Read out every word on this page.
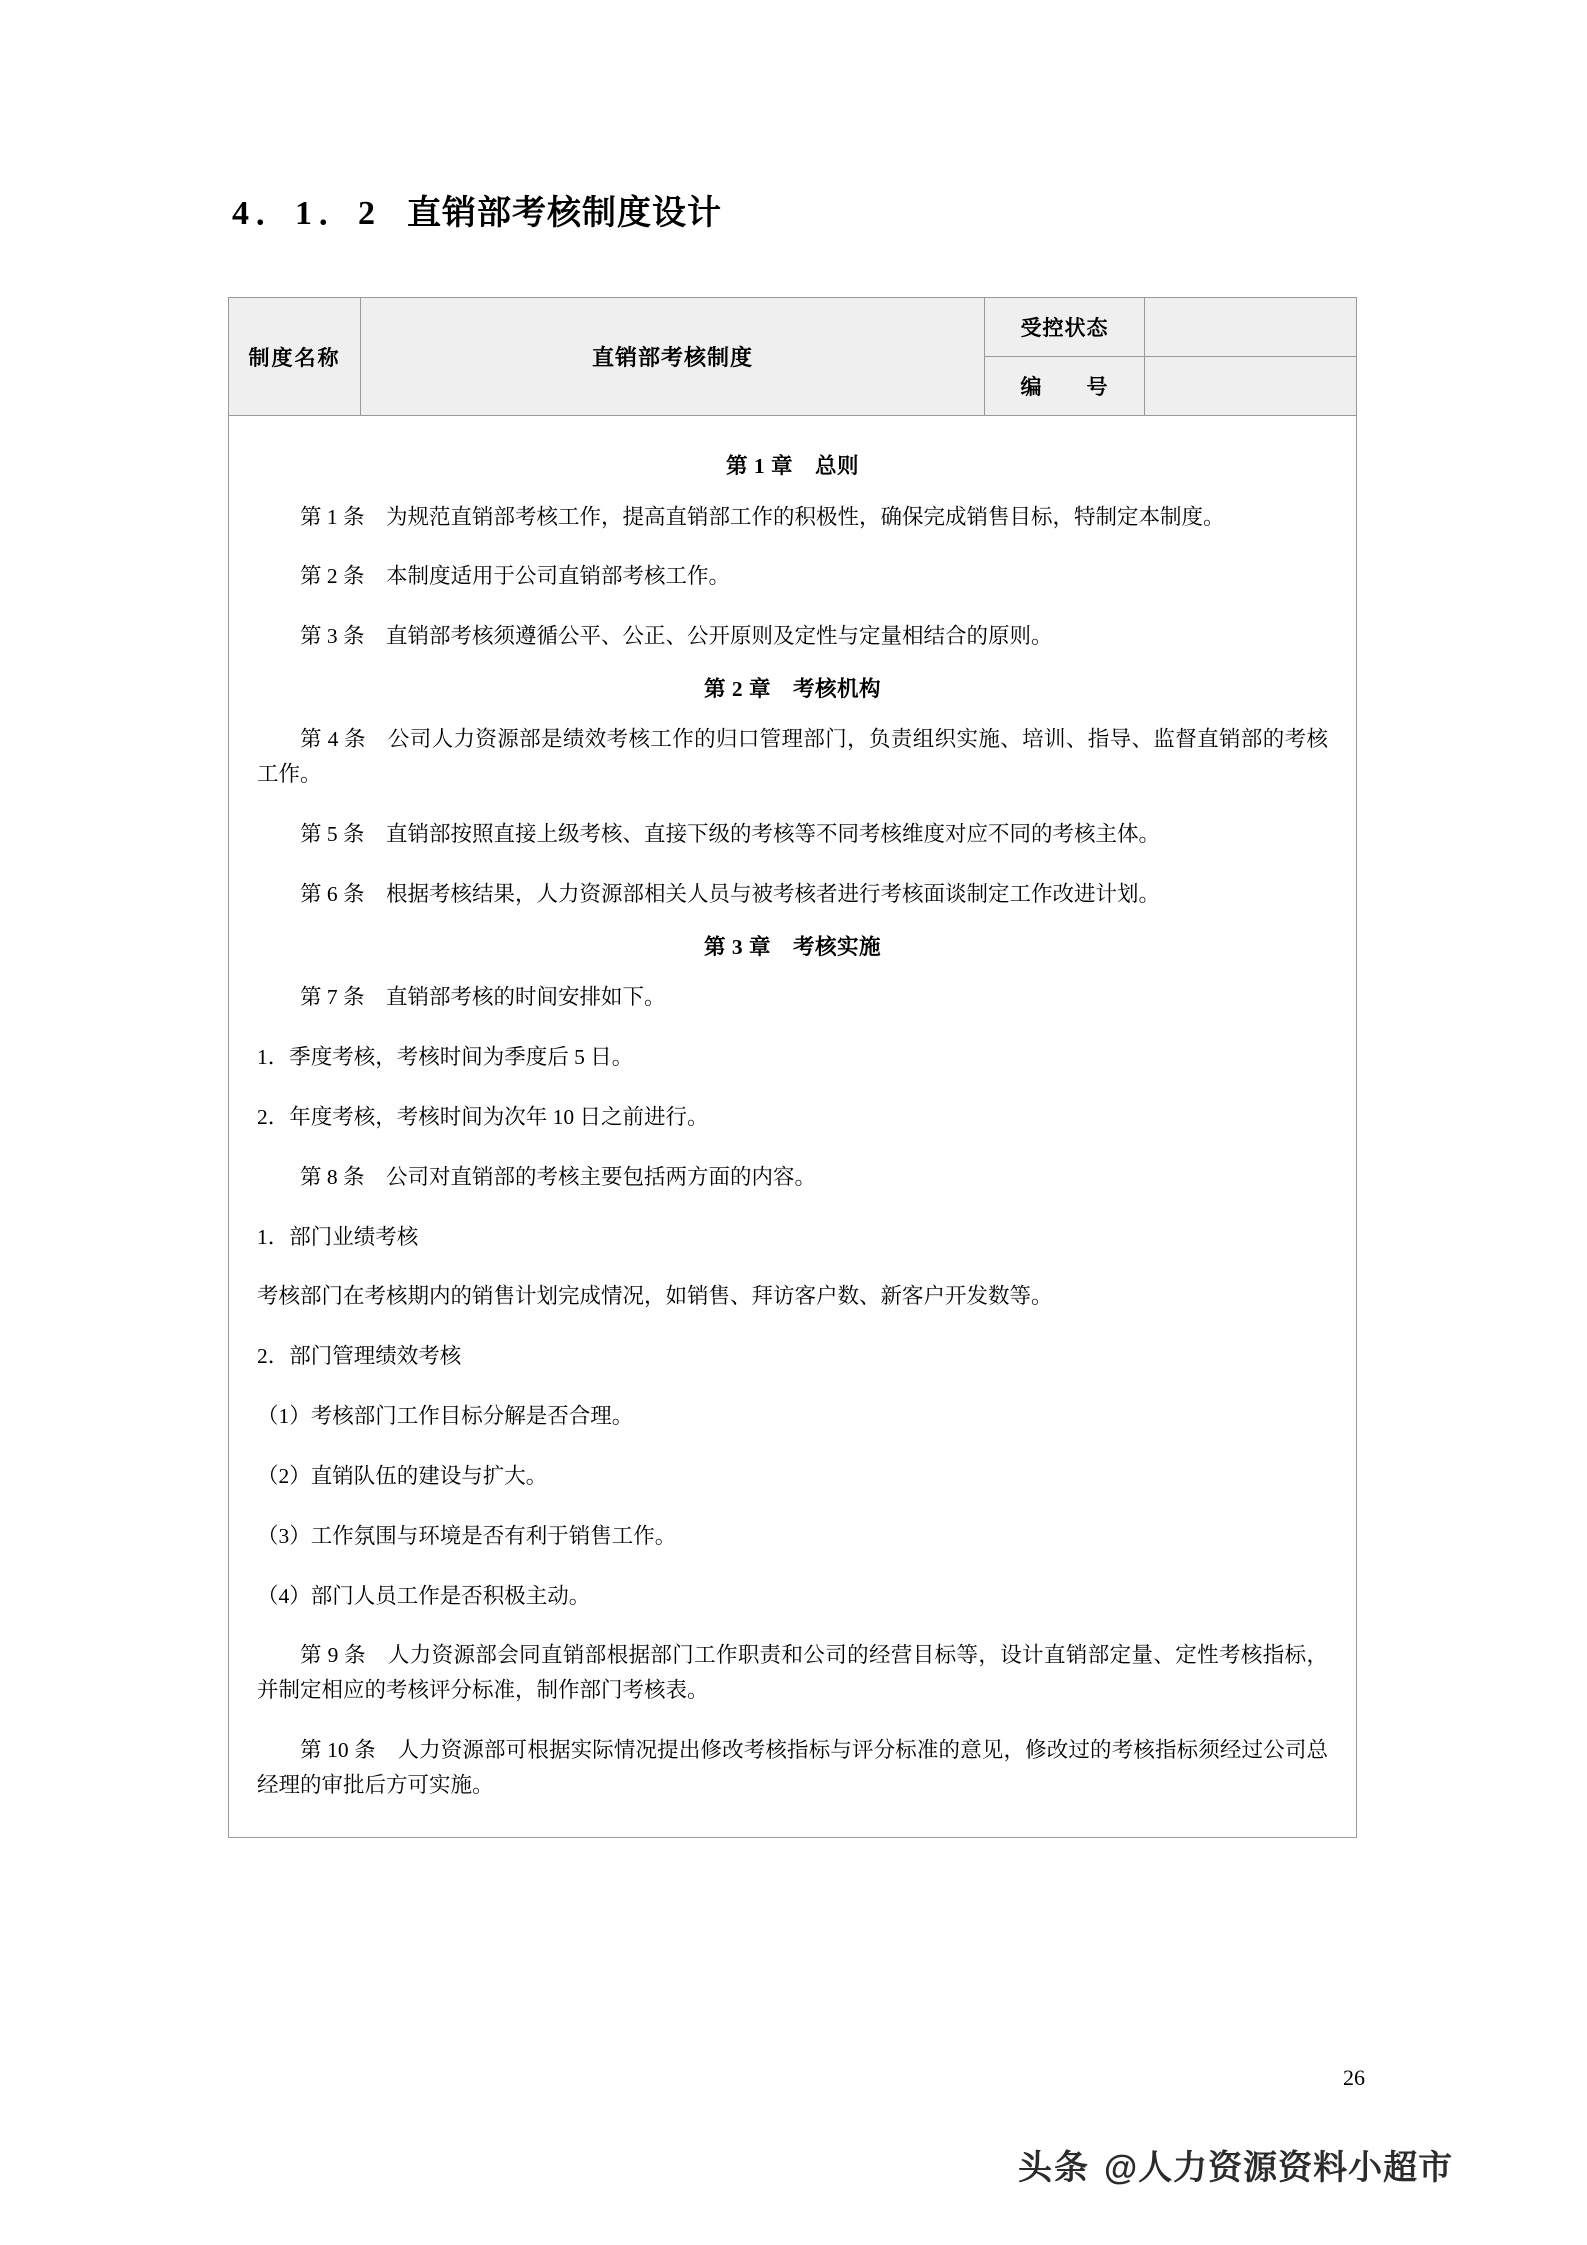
4．1．2 直销部考核制度设计
制度名称	直销部考核制度	受控状态	
		编　　号	

第 1 章　总则

第 1 条　为规范直销部考核工作，提高直销部工作的积极性，确保完成销售目标，特制定本制度。

第 2 条　本制度适用于公司直销部考核工作。

第 3 条　直销部考核须遵循公平、公正、公开原则及定性与定量相结合的原则。

第 2 章　考核机构

第 4 条　公司人力资源部是绩效考核工作的归口管理部门，负责组织实施、培训、指导、监督直销部的考核工作。

第 5 条　直销部按照直接上级考核、直接下级的考核等不同考核维度对应不同的考核主体。

第 6 条　根据考核结果，人力资源部相关人员与被考核者进行考核面谈制定工作改进计划。

第 3 章　考核实施

第 7 条　直销部考核的时间安排如下。

1．季度考核，考核时间为季度后 5 日。

2．年度考核，考核时间为次年 10 日之前进行。

第 8 条　公司对直销部的考核主要包括两方面的内容。

1．部门业绩考核

考核部门在考核期内的销售计划完成情况，如销售、拜访客户数、新客户开发数等。

2．部门管理绩效考核

（1）考核部门工作目标分解是否合理。

（2）直销队伍的建设与扩大。

（3）工作氛围与环境是否有利于销售工作。

（4）部门人员工作是否积极主动。

第 9 条　人力资源部会同直销部根据部门工作职责和公司的经营目标等，设计直销部定量、定性考核指标，并制定相应的考核评分标准，制作部门考核表。

第 10 条　人力资源部可根据实际情况提出修改考核指标与评分标准的意见，修改过的考核指标须经过公司总经理的审批后方可实施。

26
头条 @人力资源资料小超市
